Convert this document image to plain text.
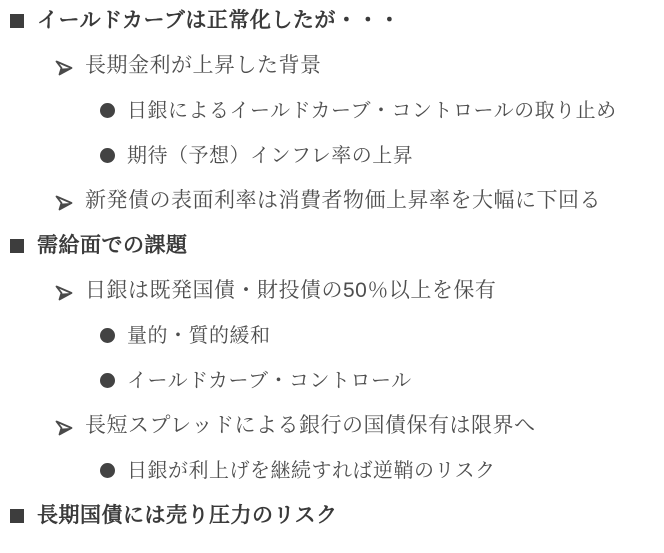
イールドカーブは正常化したが・・・
長期金利が上昇した背景
日銀によるイールドカーブ・コントロールの取り止め
期待（予想）インフレ率の上昇
新発債の表面利率は消費者物価上昇率を大幅に下回る
需給面での課題
日銀は既発国債・財投債の50％以上を保有
量的・質的緩和
イールドカーブ・コントロール
長短スプレッドによる銀行の国債保有は限界へ
日銀が利上げを継続すれば逆鞘のリスク
長期国債には売り圧力のリスク
